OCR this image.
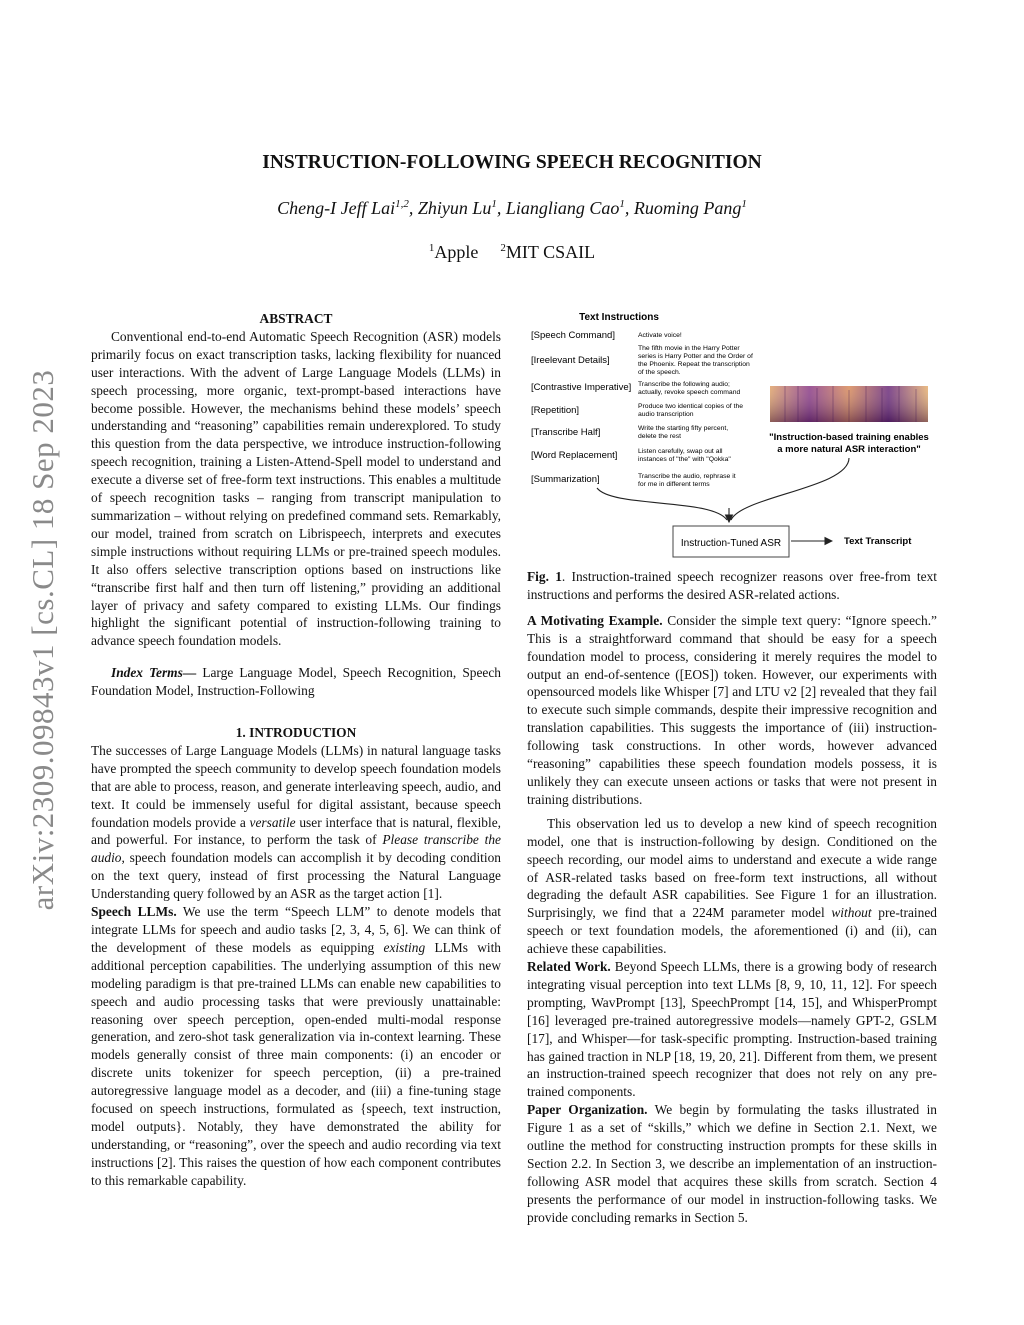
arXiv:2309.09843v1 [cs.CL] 18 Sep 2023
INSTRUCTION-FOLLOWING SPEECH RECOGNITION
Cheng-I Jeff Lai$^{1,2}$, Zhiyun Lu$^1$, Liangliang Cao$^1$, Ruoming Pang$^1$
$^1$Apple $^2$MIT CSAIL

ABSTRACT

Conventional end-to-end Automatic Speech Recognition (ASR) models primarily focus on exact transcription tasks, lacking flexibility for nuanced user interactions. With the advent of Large Language Models (LLMs) in speech processing, more organic, text-prompt-based interactions have become possible. However, the mechanisms behind these models’ speech understanding and “reasoning” capabilities remain underexplored. To study this question from the data perspective, we introduce instruction-following speech recognition, training a Listen-Attend-Spell model to understand and execute a diverse set of free-form text instructions. This enables a multitude of speech recognition tasks – ranging from transcript manipulation to summarization – without relying on predefined command sets. Remarkably, our model, trained from scratch on Librispeech, interprets and executes simple instructions without requiring LLMs or pre-trained speech modules. It also offers selective transcription options based on instructions like “transcribe first half and then turn off listening,” providing an additional layer of privacy and safety compared to existing LLMs. Our findings highlight the significant potential of instruction-following training to advance speech foundation models.

Index Terms— Large Language Model, Speech Recognition, Speech Foundation Model, Instruction-Following

1. INTRODUCTION

The successes of Large Language Models (LLMs) in natural language tasks have prompted the speech community to develop speech foundation models that are able to process, reason, and generate interleaving speech, audio, and text. It could be immensely useful for digital assistant, because speech foundation models provide a versatile user interface that is natural, flexible, and powerful. For instance, to perform the task of Please transcribe the audio, speech foundation models can accomplish it by decoding condition on the text query, instead of first processing the Natural Language Understanding query followed by an ASR as the target action [1].

Speech LLMs. We use the term “Speech LLM” to denote models that integrate LLMs for speech and audio tasks [2, 3, 4, 5, 6]. We can think of the development of these models as equipping existing LLMs with additional perception capabilities. The underlying assumption of this new modeling paradigm is that pre-trained LLMs can enable new capabilities to speech and audio processing tasks that were previously unattainable: reasoning over speech perception, open-ended multi-modal response generation, and zero-shot task generalization via in-context learning. These models generally consist of three main components: (i) an encoder or discrete units tokenizer for speech perception, (ii) a pre-trained autoregressive language model as a decoder, and (iii) a fine-tuning stage focused on speech instructions, formulated as {speech, text instruction, model outputs}. Notably, they have demonstrated the ability for understanding, or “reasoning”, over the speech and audio recording via text instructions [2]. This raises the question of how each component contributes to this remarkable capability.

Text Instructions
[Speech Command]
[Ireelevant Details]
[Contrastive Imperative]
[Repetition]
[Transcribe Half]
[Word Replacement]
[Summarization]
Activate voice!
The fifth movie in the Harry Potter
series is Harry Potter and the Order of
the Phoenix. Repeat the transcription
of the speech.
Transcribe the following audio;
actually, revoke speech command
Produce two identical copies of the
audio transcription
Write the starting fifty percent,
delete the rest
Listen carefully, swap out all
instances of "the" with "Qokka"
Transcribe the audio, rephrase it
for me in different terms
"Instruction-based training enables
a more natural ASR interaction"
Instruction-Tuned ASR	Text Transcript

Fig. 1. Instruction-trained speech recognizer reasons over free-from text instructions and performs the desired ASR-related actions.

A Motivating Example. Consider the simple text query: “Ignore speech.” This is a straightforward command that should be easy for a speech foundation model to process, considering it merely requires the model to output an end-of-sentence ([EOS]) token. However, our experiments with opensourced models like Whisper [7] and LTU v2 [2] revealed that they fail to execute such simple commands, despite their impressive recognition and translation capabilities. This suggests the importance of (iii) instruction-following task constructions. In other words, however advanced “reasoning” capabilities these speech foundation models possess, it is unlikely they can execute unseen actions or tasks that were not present in training distributions.

This observation led us to develop a new kind of speech recognition model, one that is instruction-following by design. Conditioned on the speech recording, our model aims to understand and execute a wide range of ASR-related tasks based on free-form text instructions, all without degrading the default ASR capabilities. See Figure 1 for an illustration. Surprisingly, we find that a 224M parameter model without pre-trained speech or text foundation models, the aforementioned (i) and (ii), can achieve these capabilities.

Related Work. Beyond Speech LLMs, there is a growing body of research integrating visual perception into text LLMs [8, 9, 10, 11, 12]. For speech prompting, WavPrompt [13], SpeechPrompt [14, 15], and WhisperPrompt [16] leveraged pre-trained autoregressive models—namely GPT-2, GSLM [17], and Whisper—for task-specific prompting. Instruction-based training has gained traction in NLP [18, 19, 20, 21]. Different from them, we present an instruction-trained speech recognizer that does not rely on any pre-trained components.

Paper Organization. We begin by formulating the tasks illustrated in Figure 1 as a set of “skills,” which we define in Section 2.1. Next, we outline the method for constructing instruction prompts for these skills in Section 2.2. In Section 3, we describe an implementation of an instruction-following ASR model that acquires these skills from scratch. Section 4 presents the performance of our model in instruction-following tasks. We provide concluding remarks in Section 5.
